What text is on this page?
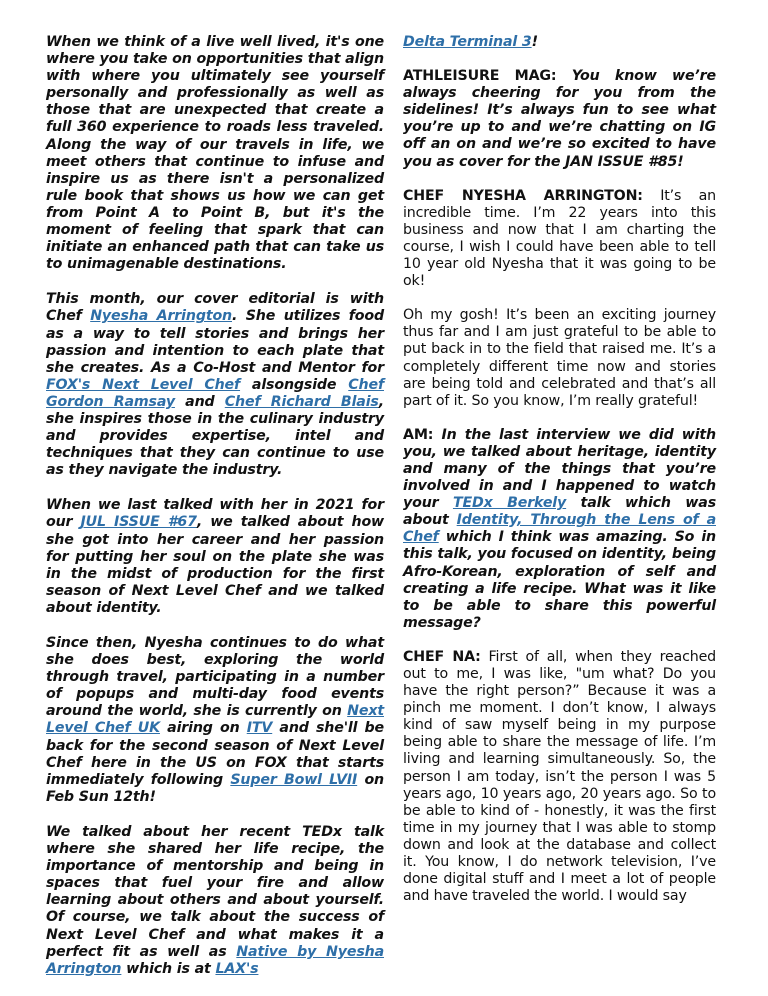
When we think of a live well lived, it's one where you take on opportunities that align with where you ultimately see yourself personally and professionally as well as those that are unexpected that create a full 360 experience to roads less traveled. Along the way of our travels in life, we meet others that continue to infuse and inspire us as there isn't a personalized rule book that shows us how we can get from Point A to Point B, but it's the moment of feeling that spark that can initiate an enhanced path that can take us to unimagenable destinations.

This month, our cover editorial is with Chef Nyesha Arrington. She utilizes food as a way to tell stories and brings her passion and intention to each plate that she creates. As a Co-Host and Mentor for FOX's Next Level Chef alsongside Chef Gordon Ramsay and Chef Richard Blais, she inspires those in the culinary industry and provides expertise, intel and techniques that they can continue to use as they navigate the industry.

When we last talked with her in 2021 for our JUL ISSUE #67, we talked about how she got into her career and her passion for putting her soul on the plate she was in the midst of production for the first season of Next Level Chef and we talked about identity.

Since then, Nyesha continues to do what she does best, exploring the world through travel, participating in a number of popups and multi-day food events around the world, she is currently on Next Level Chef UK airing on ITV and she'll be back for the second season of Next Level Chef here in the US on FOX that starts immediately following Super Bowl LVII on Feb Sun 12th!

We talked about her recent TEDx talk where she shared her life recipe, the importance of mentorship and being in spaces that fuel your fire and allow learning about others and about yourself. Of course, we talk about the success of Next Level Chef and what makes it a perfect fit as well as Native by Nyesha Arrington which is at LAX's

Delta Terminal 3!

ATHLEISURE MAG: You know we’re always cheering for you from the sidelines! It’s always fun to see what you’re up to and we’re chatting on IG off an on and we’re so excited to have you as cover for the JAN ISSUE #85!

CHEF NYESHA ARRINGTON: It’s an incredible time. I’m 22 years into this business and now that I am charting the course, I wish I could have been able to tell 10 year old Nyesha that it was going to be ok!

Oh my gosh! It’s been an exciting journey thus far and I am just grateful to be able to put back in to the field that raised me. It’s a completely different time now and stories are being told and celebrated and that’s all part of it. So you know, I’m really grateful!

AM: In the last interview we did with you, we talked about heritage, identity and many of the things that you’re involved in and I happened to watch your TEDx Berkely talk which was about Identity, Through the Lens of a Chef which I think was amazing. So in this talk, you focused on identity, being Afro-Korean, exploration of self and creating a life recipe. What was it like to be able to share this powerful message?

CHEF NA: First of all, when they reached out to me, I was like, "um what? Do you have the right person?” Because it was a pinch me moment. I don’t know, I always kind of saw myself being in my purpose being able to share the message of life. I’m living and learning simultaneously. So, the person I am today, isn’t the person I was 5 years ago, 10 years ago, 20 years ago. So to be able to kind of - honestly, it was the first time in my journey that I was able to stomp down and look at the database and collect it. You know, I do network television, I’ve done digital stuff and I meet a lot of people and have traveled the world. I would say
